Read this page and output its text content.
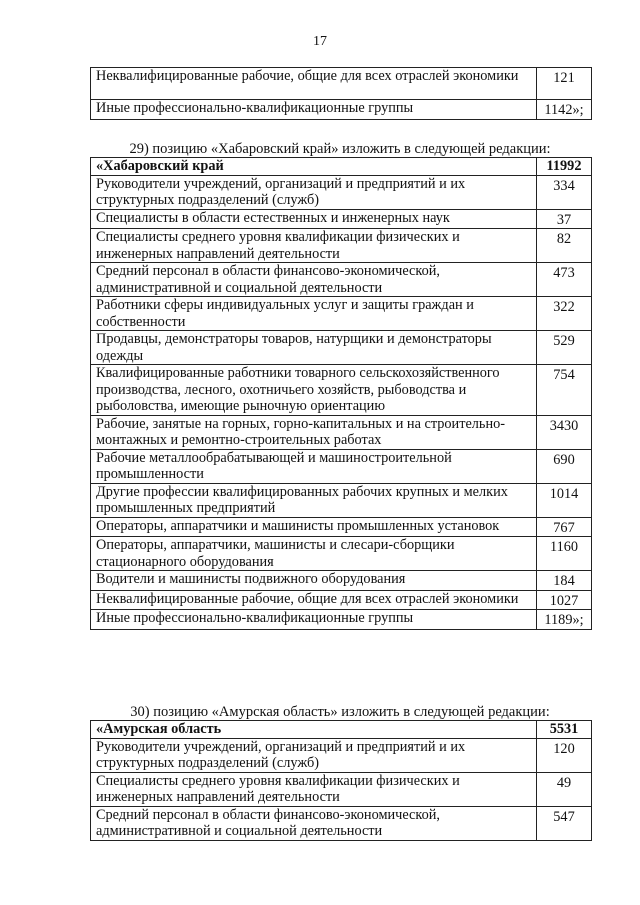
17
Неквалифицированные рабочие, общие для всех отраслей экономики	121
Иные профессионально-квалификационные группы	1142»;
29) позицию «Хабаровский край» изложить в следующей редакции:
«Хабаровский край	11992
Руководители учреждений, организаций и предприятий и их структурных подразделений (служб)	334
Специалисты в области естественных и инженерных наук	37
Специалисты среднего уровня квалификации физических и инженерных направлений деятельности	82
Средний персонал в области финансово-экономической, административной и социальной деятельности	473
Работники сферы индивидуальных услуг и защиты граждан и собственности	322
Продавцы, демонстраторы товаров, натурщики и демонстраторы одежды	529
Квалифицированные работники товарного сельскохозяйственного производства, лесного, охотничьего хозяйств, рыбоводства и рыболовства, имеющие рыночную ориентацию	754
Рабочие, занятые на горных, горно-капитальных и на строительно-монтажных и ремонтно-строительных работах	3430
Рабочие металлообрабатывающей и машиностроительной промышленности	690
Другие профессии квалифицированных рабочих крупных и мелких промышленных предприятий	1014
Операторы, аппаратчики и машинисты промышленных установок	767
Операторы, аппаратчики, машинисты и слесари-сборщики стационарного оборудования	1160
Водители и машинисты подвижного оборудования	184
Неквалифицированные рабочие, общие для всех отраслей экономики	1027
Иные профессионально-квалификационные группы	1189»;
30) позицию «Амурская область» изложить в следующей редакции:
«Амурская область	5531
Руководители учреждений, организаций и предприятий и их структурных подразделений (служб)	120
Специалисты среднего уровня квалификации физических и инженерных направлений деятельности	49
Средний персонал в области финансово-экономической, административной и социальной деятельности	547
